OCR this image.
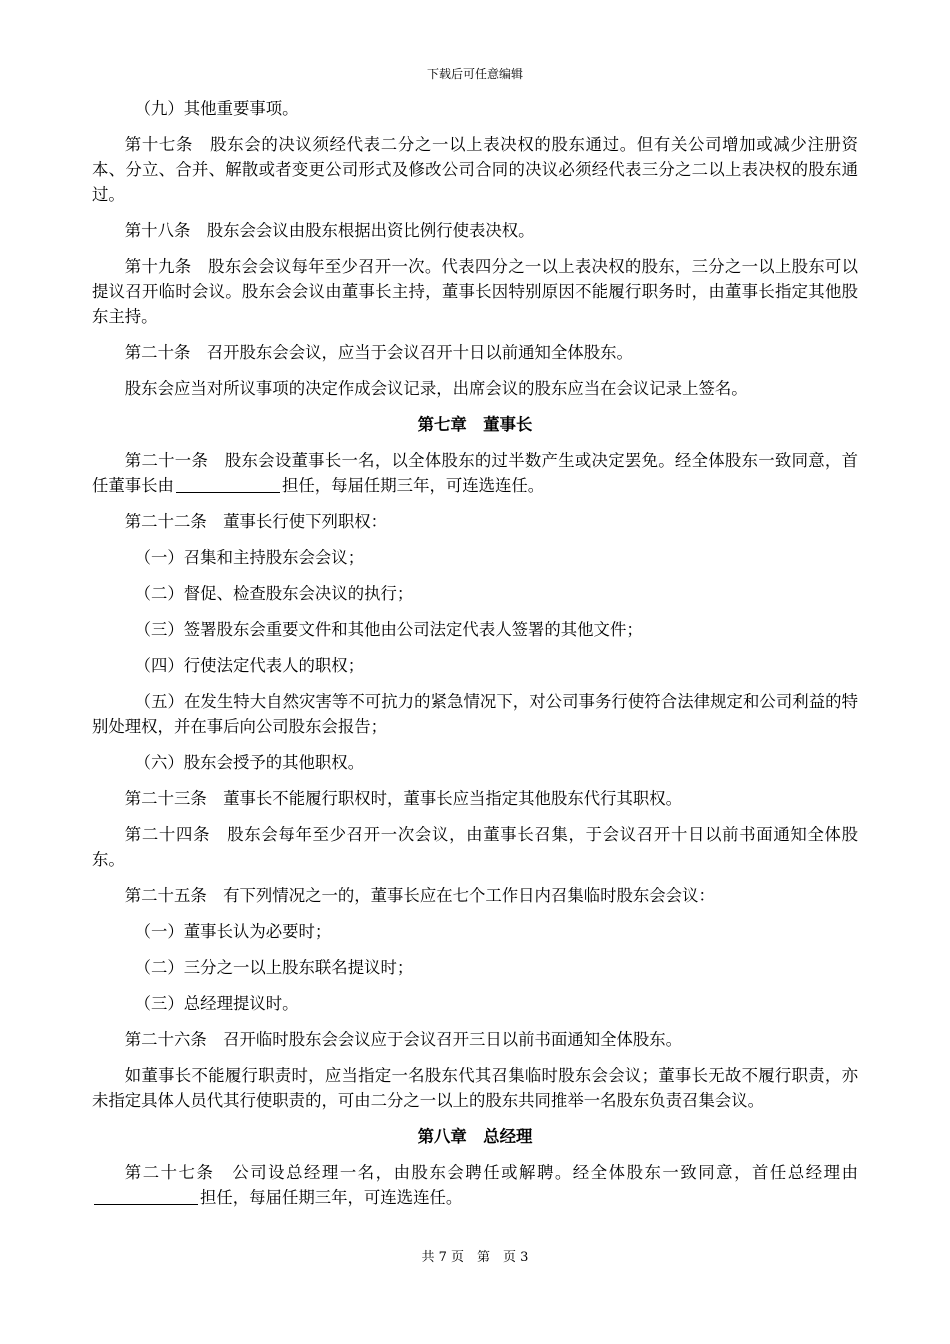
下载后可任意编辑

（九）其他重要事项。

第十七条　股东会的决议须经代表二分之一以上表决权的股东通过。但有关公司增加或减少注册资本、分立、合并、解散或者变更公司形式及修改公司合同的决议必须经代表三分之二以上表决权的股东通过。

第十八条　股东会会议由股东根据出资比例行使表决权。

第十九条　股东会会议每年至少召开一次。代表四分之一以上表决权的股东，三分之一以上股东可以提议召开临时会议。股东会会议由董事长主持，董事长因特别原因不能履行职务时，由董事长指定其他股东主持。

第二十条　召开股东会会议，应当于会议召开十日以前通知全体股东。

股东会应当对所议事项的决定作成会议记录，出席会议的股东应当在会议记录上签名。

第七章　董事长

第二十一条　股东会设董事长一名，以全体股东的过半数产生或决定罢免。经全体股东一致同意，首任董事长由	担任，每届任期三年，可连选连任。

第二十二条　董事长行使下列职权：

（一）召集和主持股东会会议；

（二）督促、检查股东会决议的执行；

（三）签署股东会重要文件和其他由公司法定代表人签署的其他文件；

（四）行使法定代表人的职权；

（五）在发生特大自然灾害等不可抗力的紧急情况下，对公司事务行使符合法律规定和公司利益的特别处理权，并在事后向公司股东会报告；

（六）股东会授予的其他职权。

第二十三条　董事长不能履行职权时，董事长应当指定其他股东代行其职权。

第二十四条　股东会每年至少召开一次会议，由董事长召集，于会议召开十日以前书面通知全体股东。

第二十五条　有下列情况之一的，董事长应在七个工作日内召集临时股东会会议：

（一）董事长认为必要时；

（二）三分之一以上股东联名提议时；

（三）总经理提议时。

第二十六条　召开临时股东会会议应于会议召开三日以前书面通知全体股东。

如董事长不能履行职责时，应当指定一名股东代其召集临时股东会会议；董事长无故不履行职责，亦未指定具体人员代其行使职责的，可由二分之一以上的股东共同推举一名股东负责召集会议。

第八章　总经理

第二十七条　公司设总经理一名，由股东会聘任或解聘。经全体股东一致同意，首任总经理由担任，每届任期三年，可连选连任。

共 7 页　第　页 3
